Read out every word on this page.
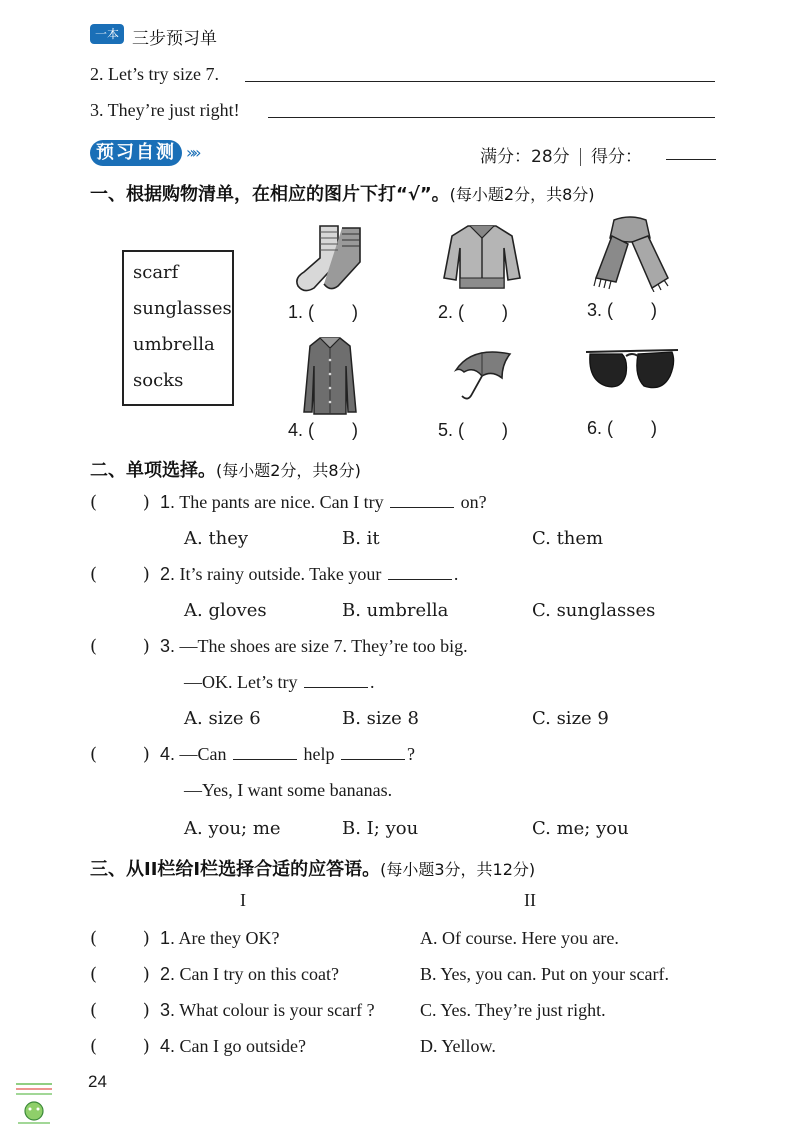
一本 三步预习单
2. Let’s try size 7.
3. They’re just right!
预习自测 »»	满分：28分 得分：
一、根据购物清单，在相应的图片下打“√”。(每小题2分，共8分)
scarf
sunglasses
umbrella
socks
1. ( )	2. ( )	3. ( )
4. ( )	5. ( )	6. ( )
二、单项选择。(每小题2分，共8分)
(        ) 1. The pants are nice. Can I try	on?
A. they	B. it	C. them
(        ) 2. It’s rainy outside. Take your	.
A. gloves	B. umbrella	C. sunglasses
(        ) 3. —The shoes are size 7. They’re too big.
—OK. Let’s try	.
A. size 6	B. size 8	C. size 9
(        ) 4. —Can	help	?
—Yes, I want some bananas.
A. you; me	B. I; you	C. me; you
三、从II栏给I栏选择合适的应答语。(每小题3分，共12分)
I	II
(        ) 1. Are they OK?	A. Of course. Here you are.
(        ) 2. Can I try on this coat?	B. Yes, you can. Put on your scarf.
(        ) 3. What colour is your scarf ?	C. Yes. They’re just right.
(        ) 4. Can I go outside?	D. Yellow.
24
